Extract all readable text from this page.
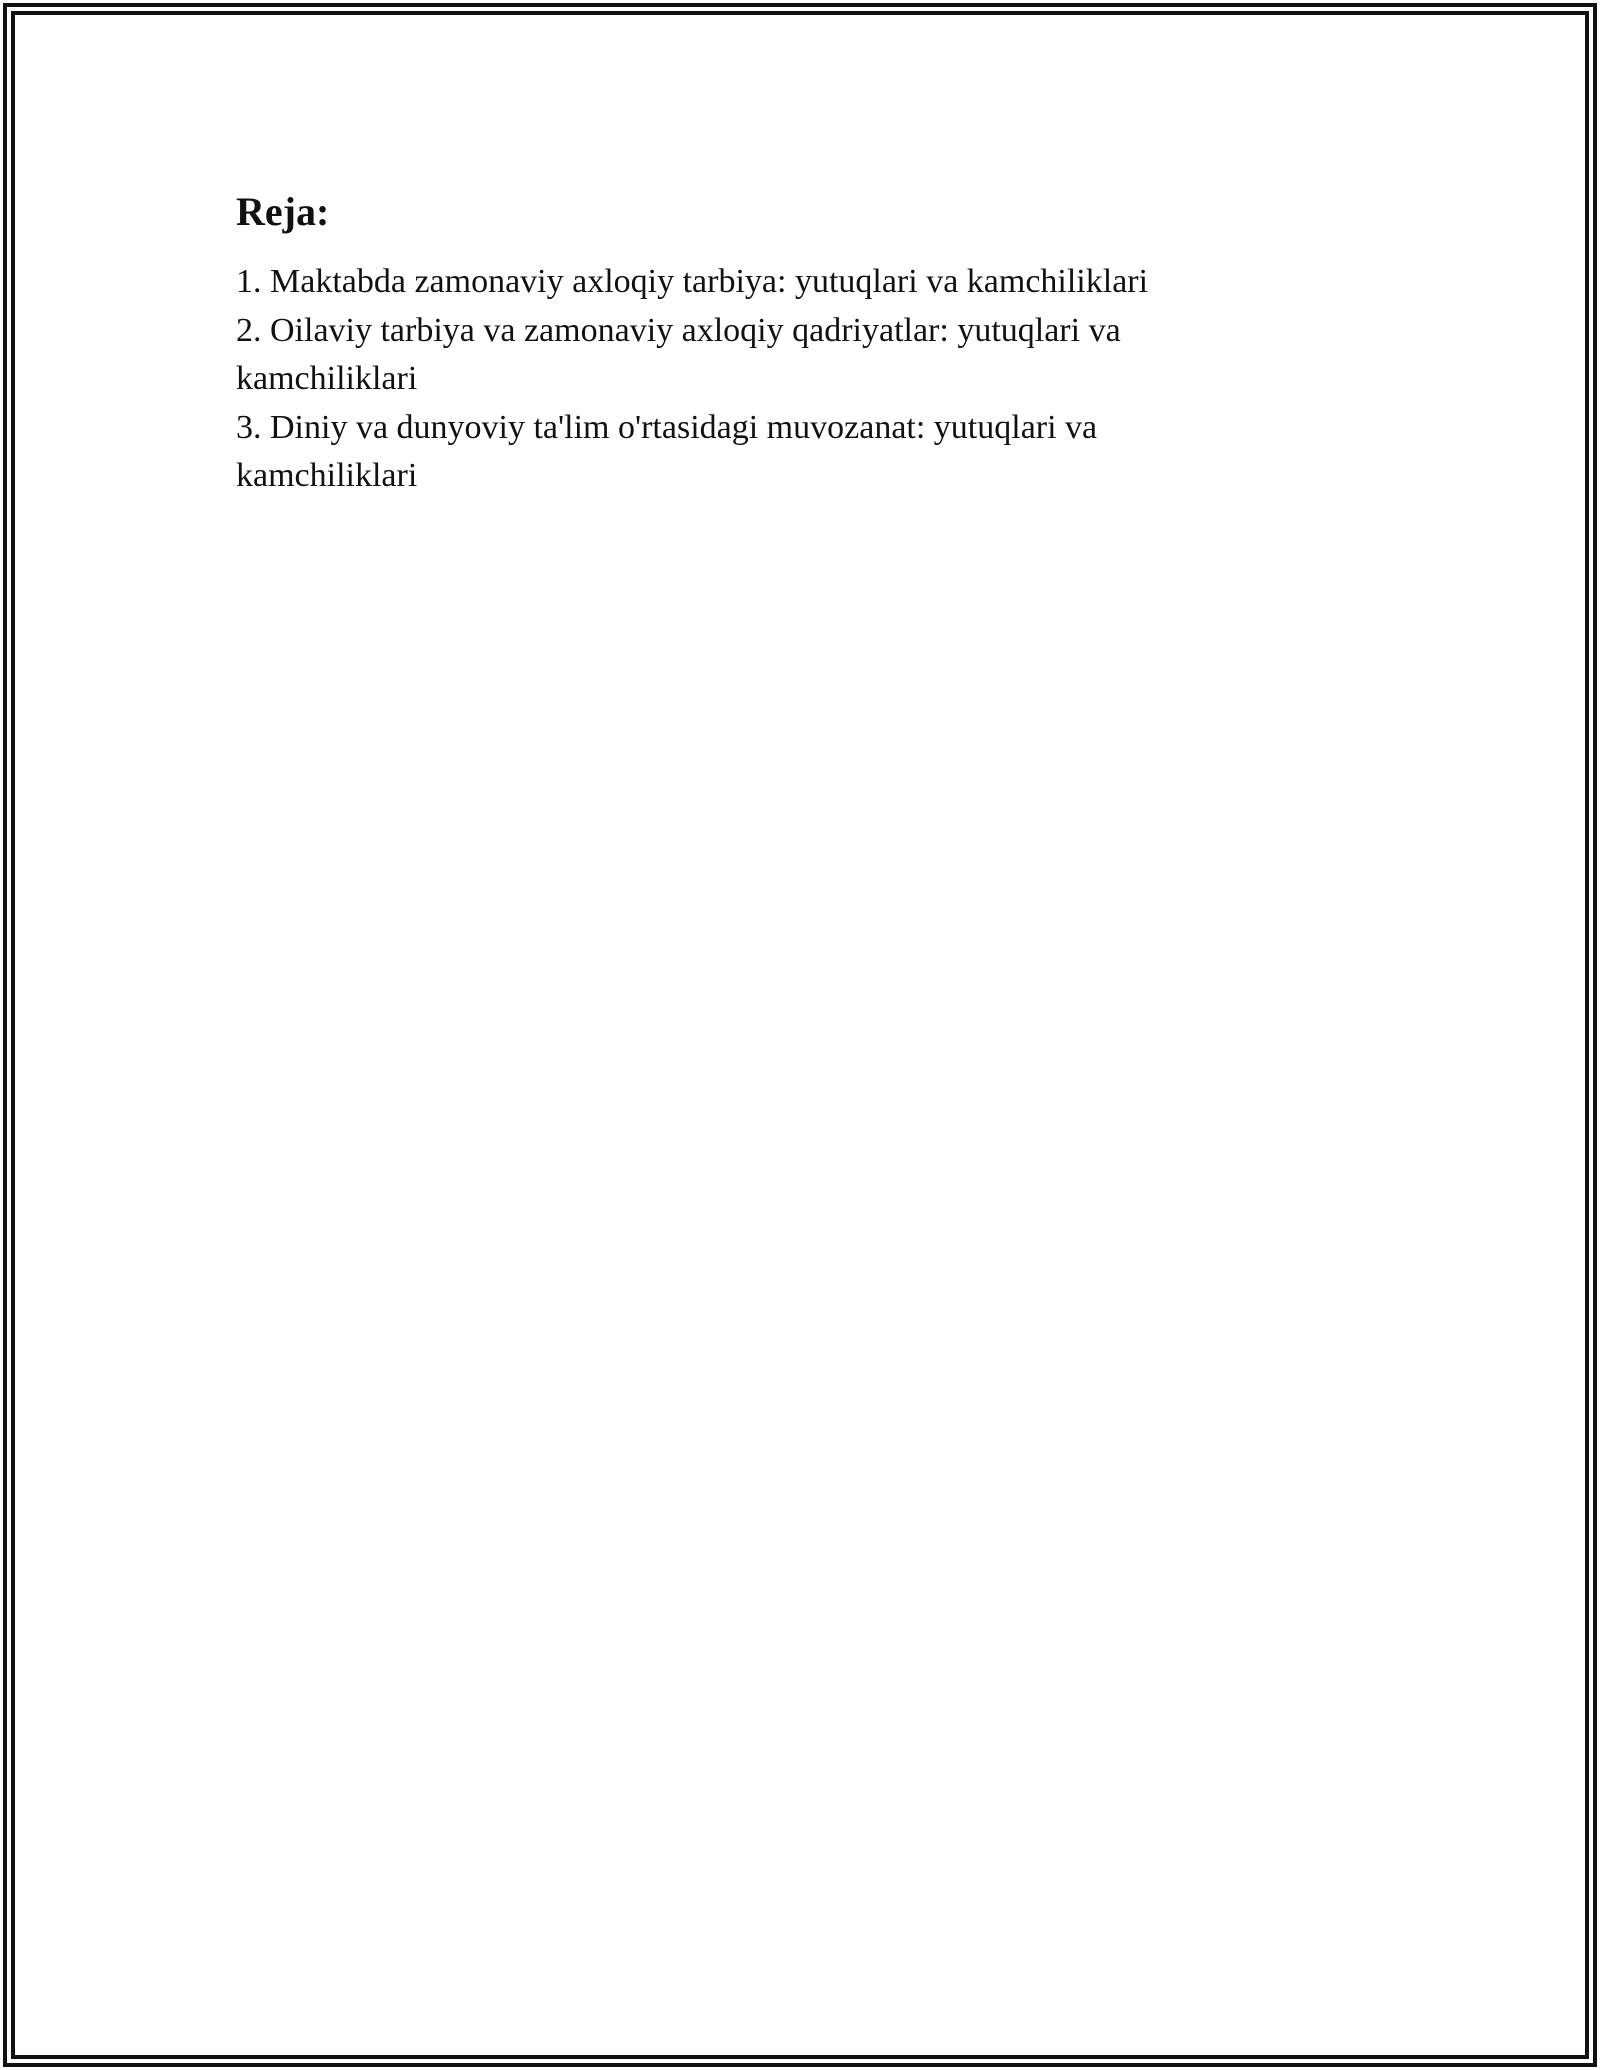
Reja:
1. Maktabda zamonaviy axloqiy tarbiya: yutuqlari va kamchiliklari
2. Oilaviy tarbiya va zamonaviy axloqiy qadriyatlar: yutuqlari va kamchiliklari
3. Diniy va dunyoviy ta'lim o'rtasidagi muvozanat: yutuqlari va kamchiliklari
